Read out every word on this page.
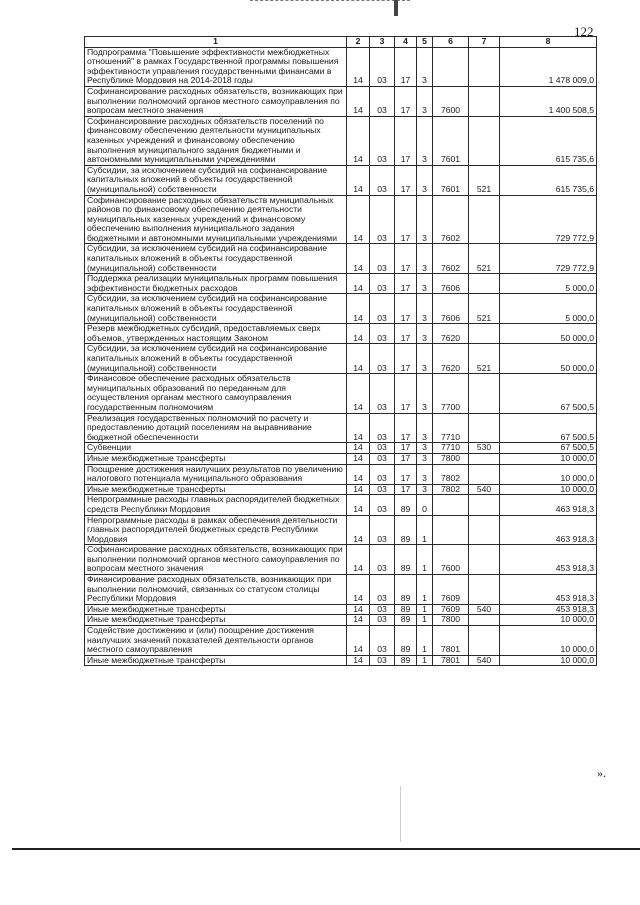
122
1	2	3	4	5	6	7	8
Подпрограмма "Повышение эффективности межбюджетных отношений" в рамках Государственной программы повышения эффективности управления государственными финансами в Республике Мордовия на 2014-2018 годы	14	03	17	3			1 478 009,0
Софинансирование расходных обязательств, возникающих при выполнении полномочий органов местного самоуправления по вопросам местного значения	14	03	17	3	7600		1 400 508,5
Софинансирование расходных обязательств поселений по финансовому обеспечению деятельности муниципальных казенных учреждений и финансовому обеспечению выполнения муниципального задания бюджетными и автономными муниципальными учреждениями	14	03	17	3	7601		615 735,6
Субсидии, за исключением субсидий на софинансирование капитальных вложений в объекты государственной (муниципальной) собственности	14	03	17	3	7601	521	615 735,6
Софинансирование расходных обязательств муниципальных районов по финансовому обеспечению деятельности муниципальных казенных учреждений и финансовому обеспечению выполнения муниципального задания бюджетными и автономными муниципальными учреждениями	14	03	17	3	7602		729 772,9
Субсидии, за исключением субсидий на софинансирование капитальных вложений в объекты государственной (муниципальной) собственности	14	03	17	3	7602	521	729 772,9
Поддержка реализации муниципальных программ повышения эффективности бюджетных расходов	14	03	17	3	7606		5 000,0
Субсидии, за исключением субсидий на софинансирование капитальных вложений в объекты государственной (муниципальной) собственности	14	03	17	3	7606	521	5 000,0
Резерв межбюджетных субсидий, предоставляемых сверх объемов, утвержденных настоящим Законом	14	03	17	3	7620		50 000,0
Субсидии, за исключением субсидий на софинансирование капитальных вложений в объекты государственной (муниципальной) собственности	14	03	17	3	7620	521	50 000,0
Финансовое обеспечение расходных обязательств муниципальных образований по переданным для осуществления органам местного самоуправления государственным полномочиям	14	03	17	3	7700		67 500,5
Реализация государственных полномочий по расчету и предоставлению дотаций поселениям на выравнивание бюджетной обеспеченности	14	03	17	3	7710		67 500,5
Субвенции	14	03	17	3	7710	530	67 500,5
Иные межбюджетные трансферты	14	03	17	3	7800		10 000,0
Поощрение достижения наилучших результатов по увеличению налогового потенциала муниципального образования	14	03	17	3	7802		10 000,0
Иные межбюджетные трансферты	14	03	17	3	7802	540	10 000,0
Непрограммные расходы главных распорядителей бюджетных средств Республики Мордовия	14	03	89	0			463 918,3
Непрограммные расходы в рамках обеспечения деятельности главных распорядителей бюджетных средств Республики Мордовия	14	03	89	1			463 918,3
Софинансирование расходных обязательств, возникающих при выполнении полномочий органов местного самоуправления по вопросам местного значения	14	03	89	1	7600		453 918,3
Финансирование расходных обязательств, возникающих при выполнении полномочий, связанных со статусом столицы Республики Мордовия	14	03	89	1	7609		453 918,3
Иные межбюджетные трансферты	14	03	89	1	7609	540	453 918,3
Иные межбюджетные трансферты	14	03	89	1	7800		10 000,0
Содействие достижению и (или) поощрение достижения наилучших значений показателей деятельности органов местного самоуправления	14	03	89	1	7801		10 000,0
Иные межбюджетные трансферты	14	03	89	1	7801	540	10 000,0
».
